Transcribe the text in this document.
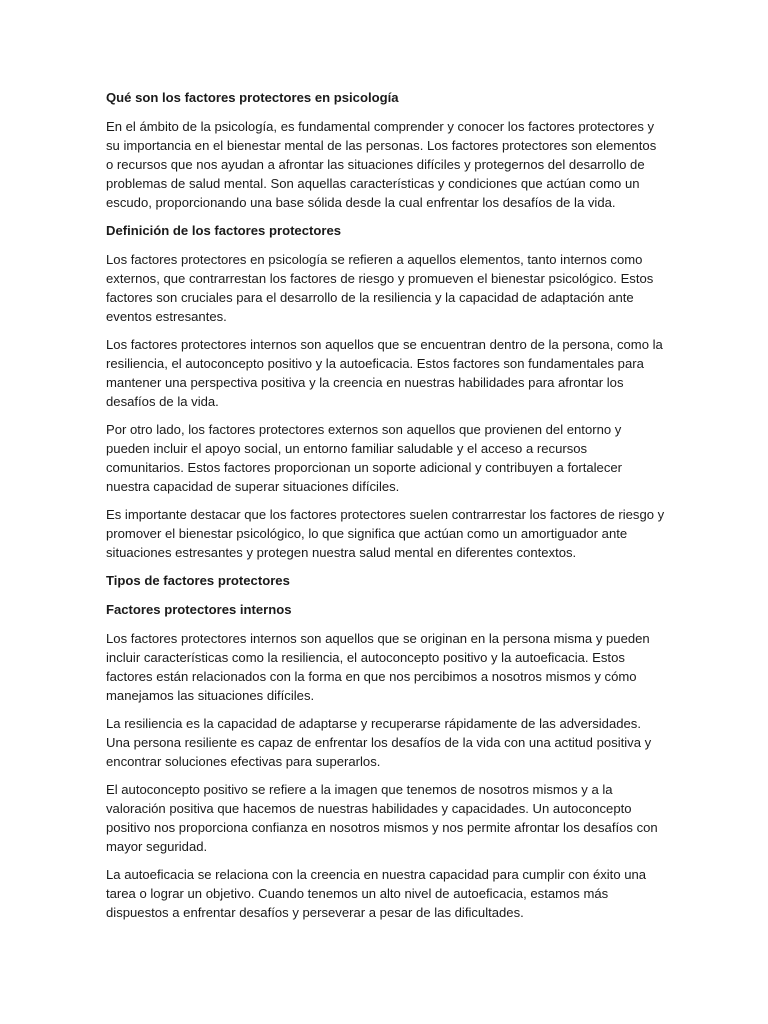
Qué son los factores protectores en psicología

En el ámbito de la psicología, es fundamental comprender y conocer los factores protectores y su importancia en el bienestar mental de las personas. Los factores protectores son elementos o recursos que nos ayudan a afrontar las situaciones difíciles y protegernos del desarrollo de problemas de salud mental. Son aquellas características y condiciones que actúan como un escudo, proporcionando una base sólida desde la cual enfrentar los desafíos de la vida.

Definición de los factores protectores

Los factores protectores en psicología se refieren a aquellos elementos, tanto internos como externos, que contrarrestan los factores de riesgo y promueven el bienestar psicológico. Estos factores son cruciales para el desarrollo de la resiliencia y la capacidad de adaptación ante eventos estresantes.

Los factores protectores internos son aquellos que se encuentran dentro de la persona, como la resiliencia, el autoconcepto positivo y la autoeficacia. Estos factores son fundamentales para mantener una perspectiva positiva y la creencia en nuestras habilidades para afrontar los desafíos de la vida.

Por otro lado, los factores protectores externos son aquellos que provienen del entorno y pueden incluir el apoyo social, un entorno familiar saludable y el acceso a recursos comunitarios. Estos factores proporcionan un soporte adicional y contribuyen a fortalecer nuestra capacidad de superar situaciones difíciles.

Es importante destacar que los factores protectores suelen contrarrestar los factores de riesgo y promover el bienestar psicológico, lo que significa que actúan como un amortiguador ante situaciones estresantes y protegen nuestra salud mental en diferentes contextos.

Tipos de factores protectores
Factores protectores internos

Los factores protectores internos son aquellos que se originan en la persona misma y pueden incluir características como la resiliencia, el autoconcepto positivo y la autoeficacia. Estos factores están relacionados con la forma en que nos percibimos a nosotros mismos y cómo manejamos las situaciones difíciles.

La resiliencia es la capacidad de adaptarse y recuperarse rápidamente de las adversidades. Una persona resiliente es capaz de enfrentar los desafíos de la vida con una actitud positiva y encontrar soluciones efectivas para superarlos.

El autoconcepto positivo se refiere a la imagen que tenemos de nosotros mismos y a la valoración positiva que hacemos de nuestras habilidades y capacidades. Un autoconcepto positivo nos proporciona confianza en nosotros mismos y nos permite afrontar los desafíos con mayor seguridad.

La autoeficacia se relaciona con la creencia en nuestra capacidad para cumplir con éxito una tarea o lograr un objetivo. Cuando tenemos un alto nivel de autoeficacia, estamos más dispuestos a enfrentar desafíos y perseverar a pesar de las dificultades.
